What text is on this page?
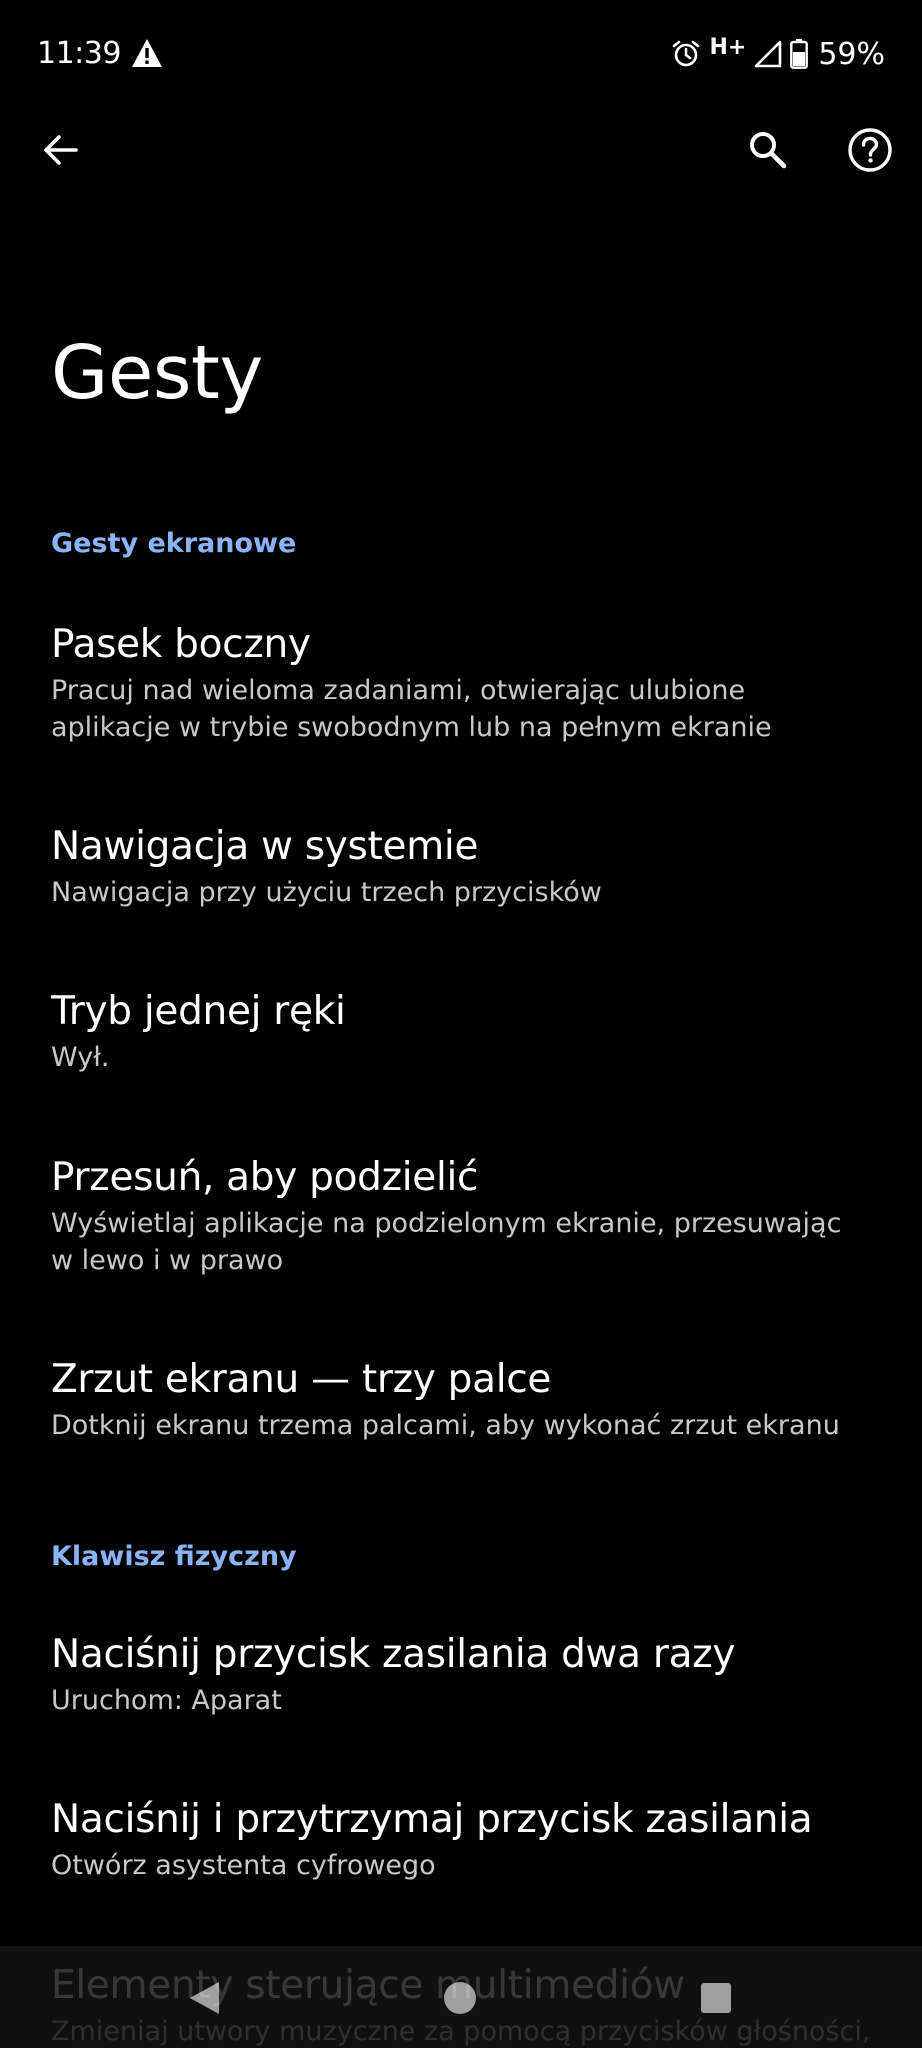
11:39	H+ 59%
Gesty
Gesty ekranowe
Pasek boczny
Pracuj nad wieloma zadaniami, otwierając ulubione aplikacje w trybie swobodnym lub na pełnym ekranie
Nawigacja w systemie
Nawigacja przy użyciu trzech przycisków
Tryb jednej ręki
Wył.
Przesuń, aby podzielić
Wyświetlaj aplikacje na podzielonym ekranie, przesuwając w lewo i w prawo
Zrzut ekranu — trzy palce
Dotknij ekranu trzema palcami, aby wykonać zrzut ekranu
Klawisz fizyczny
Naciśnij przycisk zasilania dwa razy
Uruchom: Aparat
Naciśnij i przytrzymaj przycisk zasilania
Otwórz asystenta cyfrowego
